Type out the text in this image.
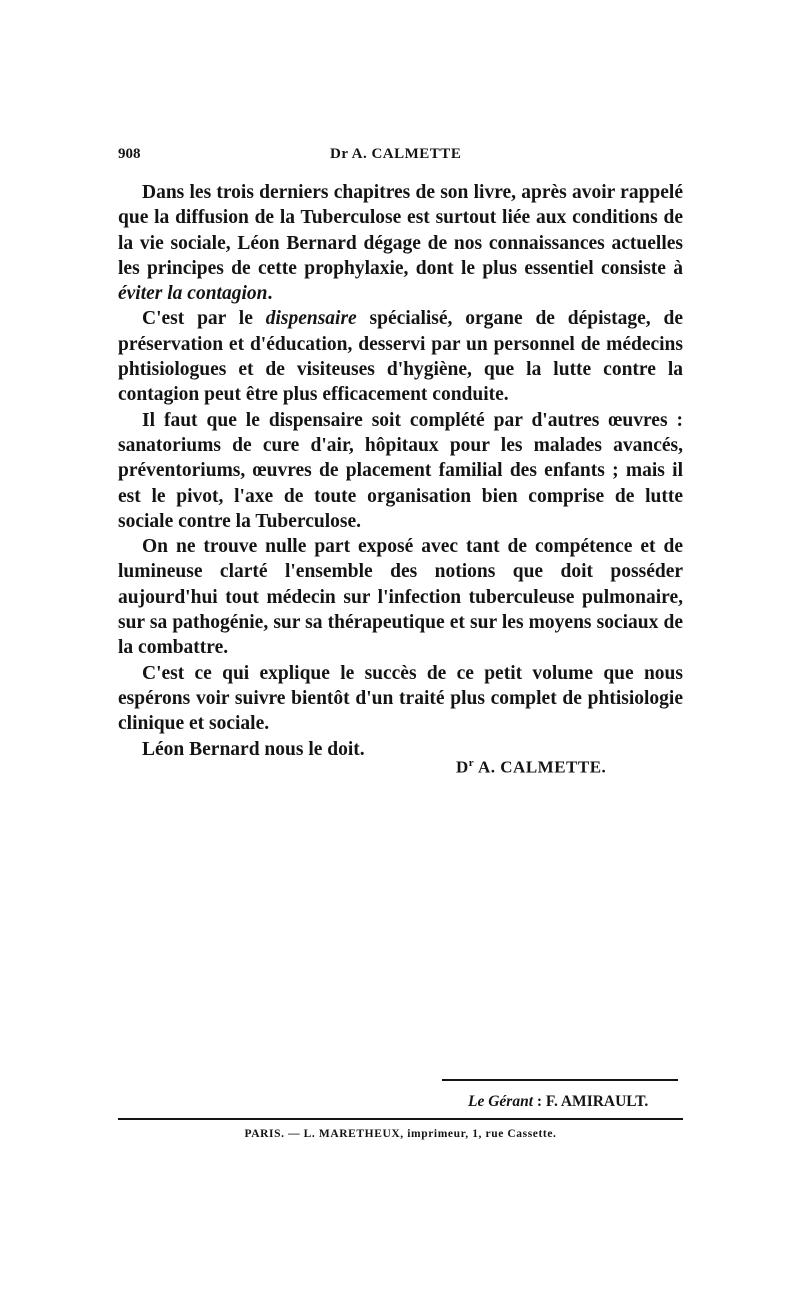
908	Dr A. CALMETTE

Dans les trois derniers chapitres de son livre, après avoir rappelé que la diffusion de la Tuberculose est surtout liée aux conditions de la vie sociale, Léon Bernard dégage de nos connaissances actuelles les principes de cette prophylaxie, dont le plus essentiel consiste à éviter la contagion.

C'est par le dispensaire spécialisé, organe de dépistage, de préservation et d'éducation, desservi par un personnel de médecins phtisiologues et de visiteuses d'hygiène, que la lutte contre la contagion peut être plus efficacement conduite.

Il faut que le dispensaire soit complété par d'autres œuvres : sanatoriums de cure d'air, hôpitaux pour les malades avancés, préventoriums, œuvres de placement familial des enfants ; mais il est le pivot, l'axe de toute organisation bien comprise de lutte sociale contre la Tuberculose.

On ne trouve nulle part exposé avec tant de compétence et de lumineuse clarté l'ensemble des notions que doit posséder aujourd'hui tout médecin sur l'infection tuberculeuse pulmonaire, sur sa pathogénie, sur sa thérapeutique et sur les moyens sociaux de la combattre.

C'est ce qui explique le succès de ce petit volume que nous espérons voir suivre bientôt d'un traité plus complet de phtisiologie clinique et sociale.

Léon Bernard nous le doit.

$D^r$ A. CALMETTE.
Le Gérant : F. AMIRAULT.
PARIS. — L. MARETHEUX, imprimeur, 1, rue Cassette.
